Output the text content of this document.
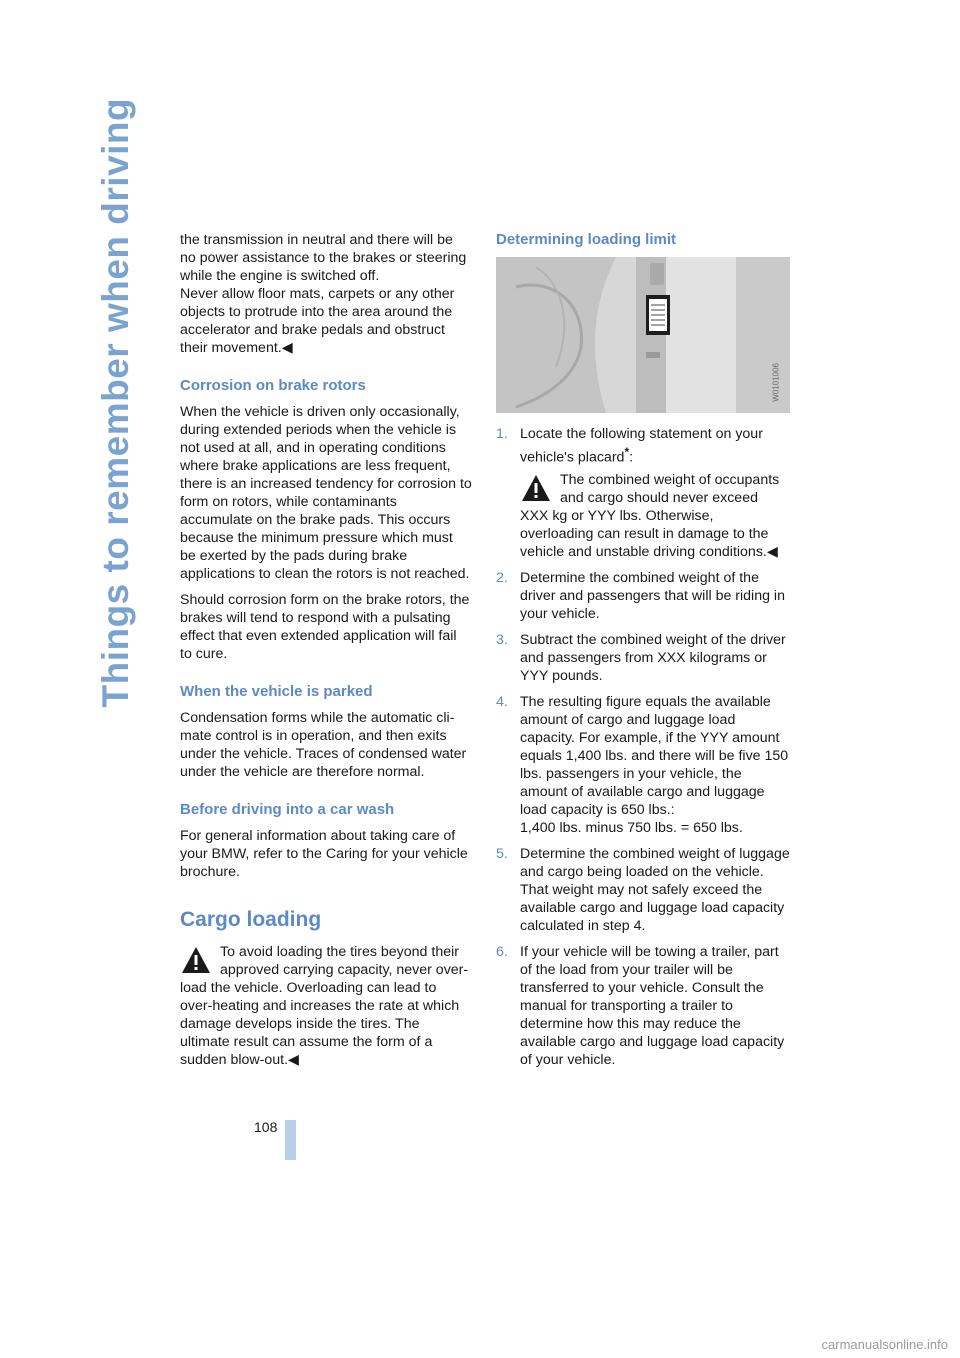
Things to remember when driving	the transmission in neutral and there will be no power assistance to the brakes or steering while the engine is switched off.
Never allow floor mats, carpets or any other objects to protrude into the area around the accelerator and brake pedals and obstruct their movement.◀

Corrosion on brake rotors

When the vehicle is driven only occasionally, during extended periods when the vehicle is not used at all, and in operating conditions where brake applications are less frequent, there is an increased tendency for corrosion to form on rotors, while contaminants accumulate on the brake pads. This occurs because the minimum pressure which must be exerted by the pads during brake applications to clean the rotors is not reached.

Should corrosion form on the brake rotors, the brakes will tend to respond with a pulsating effect that even extended application will fail to cure.

When the vehicle is parked

Condensation forms while the automatic cli-mate control is in operation, and then exits under the vehicle. Traces of condensed water under the vehicle are therefore normal.

Before driving into a car wash

For general information about taking care of your BMW, refer to the Caring for your vehicle brochure.

Cargo loading
To avoid loading the tires beyond their approved carrying capacity, never over-load the vehicle. Overloading can lead to over-heating and increases the rate at which damage develops inside the tires. The ultimate result can assume the form of a sudden blow-out.◀
Determining loading limit
W0101006
1. Locate the following statement on your vehicle's placard*:
The combined weight of occupants and cargo should never exceed XXX kg or YYY lbs. Otherwise, overloading can result in damage to the vehicle and unstable driving conditions.◀
2. Determine the combined weight of the driver and passengers that will be riding in your vehicle.
3. Subtract the combined weight of the driver and passengers from XXX kilograms or YYY pounds.
4. The resulting figure equals the available amount of cargo and luggage load capacity. For example, if the YYY amount equals 1,400 lbs. and there will be five 150 lbs. passengers in your vehicle, the amount of available cargo and luggage load capacity is 650 lbs.:
1,400 lbs. minus 750 lbs. = 650 lbs.
5. Determine the combined weight of luggage and cargo being loaded on the vehicle. That weight may not safely exceed the available cargo and luggage load capacity calculated in step 4.
6. If your vehicle will be towing a trailer, part of the load from your trailer will be transferred to your vehicle. Consult the manual for transporting a trailer to determine how this may reduce the available cargo and luggage load capacity of your vehicle.
108
carmanualsonline.info
